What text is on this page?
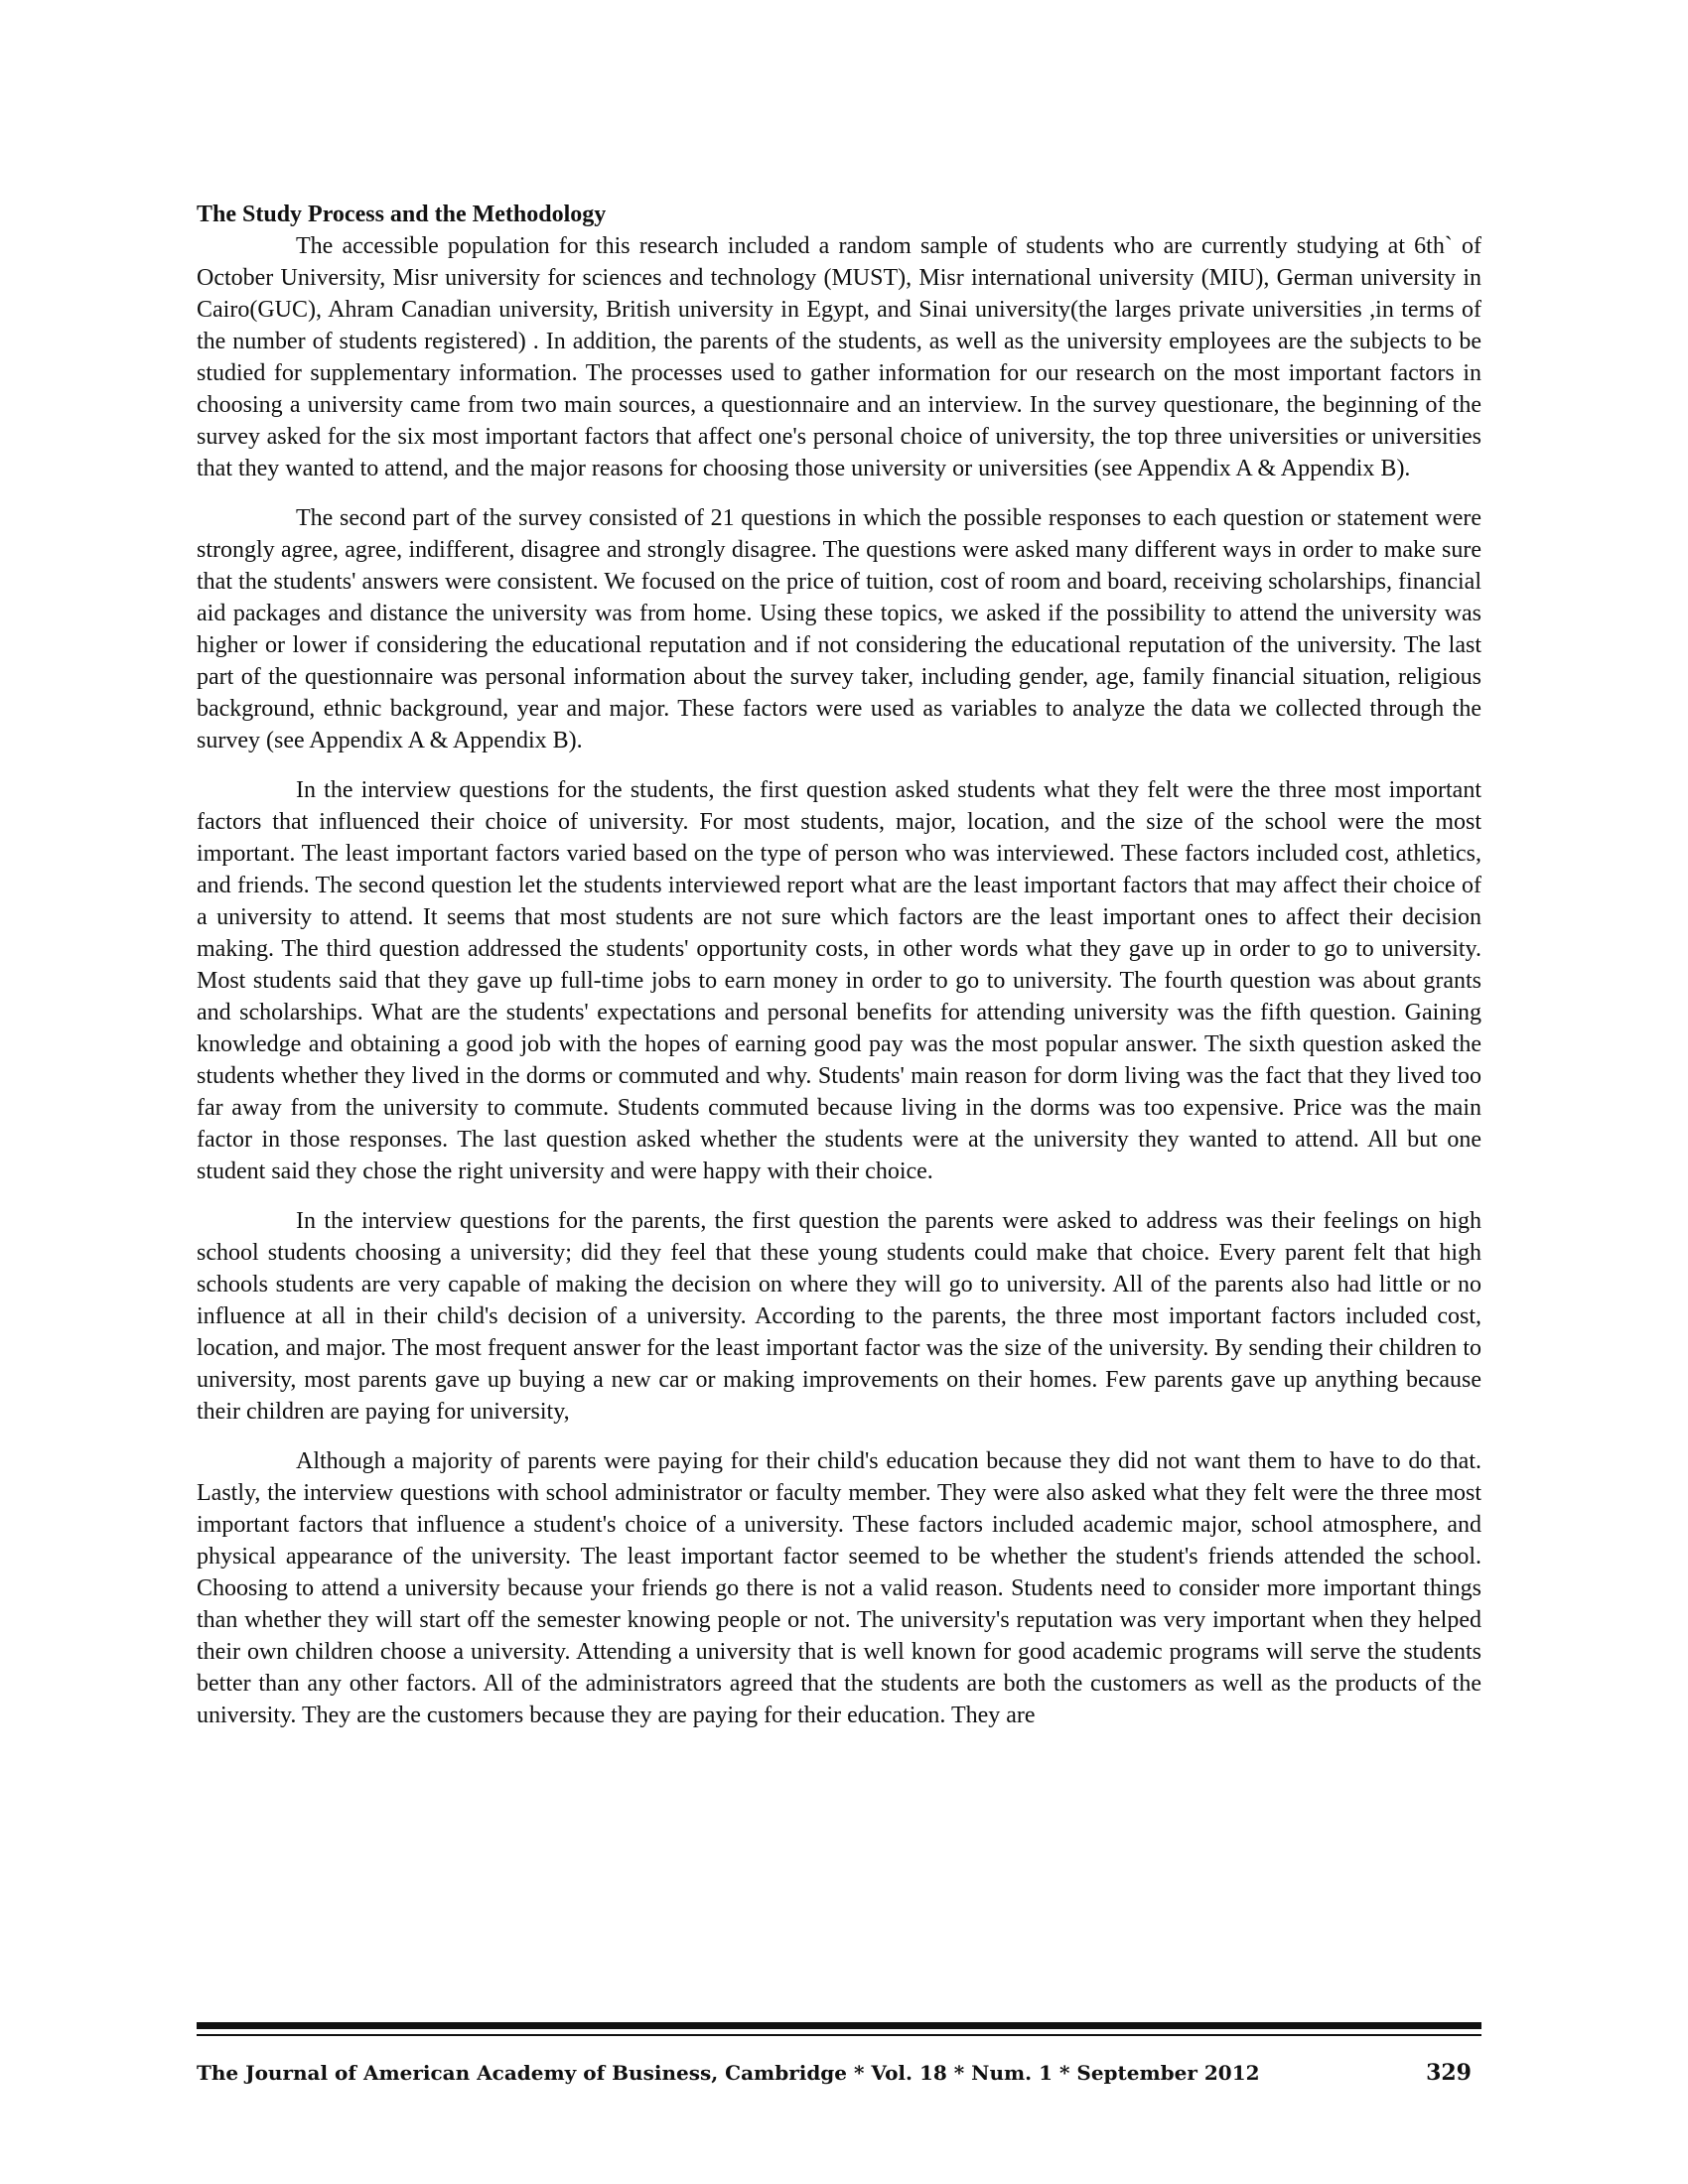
The Study Process and the Methodology

The accessible population for this research included a random sample of students who are currently studying at 6th` of October University, Misr university for sciences and technology (MUST), Misr international university (MIU), German university in Cairo(GUC), Ahram Canadian university, British university in Egypt, and Sinai university(the larges private universities ,in terms of the number of students registered) . In addition, the parents of the students, as well as the university employees are the subjects to be studied for supplementary information. The processes used to gather information for our research on the most important factors in choosing a university came from two main sources, a questionnaire and an interview. In the survey questionare, the beginning of the survey asked for the six most important factors that affect one's personal choice of university, the top three universities or universities that they wanted to attend, and the major reasons for choosing those university or universities (see Appendix A & Appendix B).

The second part of the survey consisted of 21 questions in which the possible responses to each question or statement were strongly agree, agree, indifferent, disagree and strongly disagree. The questions were asked many different ways in order to make sure that the students' answers were consistent. We focused on the price of tuition, cost of room and board, receiving scholarships, financial aid packages and distance the university was from home. Using these topics, we asked if the possibility to attend the university was higher or lower if considering the educational reputation and if not considering the educational reputation of the university. The last part of the questionnaire was personal information about the survey taker, including gender, age, family financial situation, religious background, ethnic background, year and major. These factors were used as variables to analyze the data we collected through the survey (see Appendix A & Appendix B).

In the interview questions for the students, the first question asked students what they felt were the three most important factors that influenced their choice of university. For most students, major, location, and the size of the school were the most important. The least important factors varied based on the type of person who was interviewed. These factors included cost, athletics, and friends. The second question let the students interviewed report what are the least important factors that may affect their choice of a university to attend. It seems that most students are not sure which factors are the least important ones to affect their decision making. The third question addressed the students' opportunity costs, in other words what they gave up in order to go to university. Most students said that they gave up full-time jobs to earn money in order to go to university. The fourth question was about grants and scholarships. What are the students' expectations and personal benefits for attending university was the fifth question. Gaining knowledge and obtaining a good job with the hopes of earning good pay was the most popular answer. The sixth question asked the students whether they lived in the dorms or commuted and why. Students' main reason for dorm living was the fact that they lived too far away from the university to commute. Students commuted because living in the dorms was too expensive. Price was the main factor in those responses. The last question asked whether the students were at the university they wanted to attend. All but one student said they chose the right university and were happy with their choice.

In the interview questions for the parents, the first question the parents were asked to address was their feelings on high school students choosing a university; did they feel that these young students could make that choice. Every parent felt that high schools students are very capable of making the decision on where they will go to university. All of the parents also had little or no influence at all in their child's decision of a university. According to the parents, the three most important factors included cost, location, and major. The most frequent answer for the least important factor was the size of the university. By sending their children to university, most parents gave up buying a new car or making improvements on their homes. Few parents gave up anything because their children are paying for university,

Although a majority of parents were paying for their child's education because they did not want them to have to do that. Lastly, the interview questions with school administrator or faculty member. They were also asked what they felt were the three most important factors that influence a student's choice of a university. These factors included academic major, school atmosphere, and physical appearance of the university. The least important factor seemed to be whether the student's friends attended the school. Choosing to attend a university because your friends go there is not a valid reason. Students need to consider more important things than whether they will start off the semester knowing people or not. The university's reputation was very important when they helped their own children choose a university. Attending a university that is well known for good academic programs will serve the students better than any other factors. All of the administrators agreed that the students are both the customers as well as the products of the university. They are the customers because they are paying for their education. They are

The Journal of American Academy of Business, Cambridge * Vol. 18 * Num. 1 * September 2012	329
